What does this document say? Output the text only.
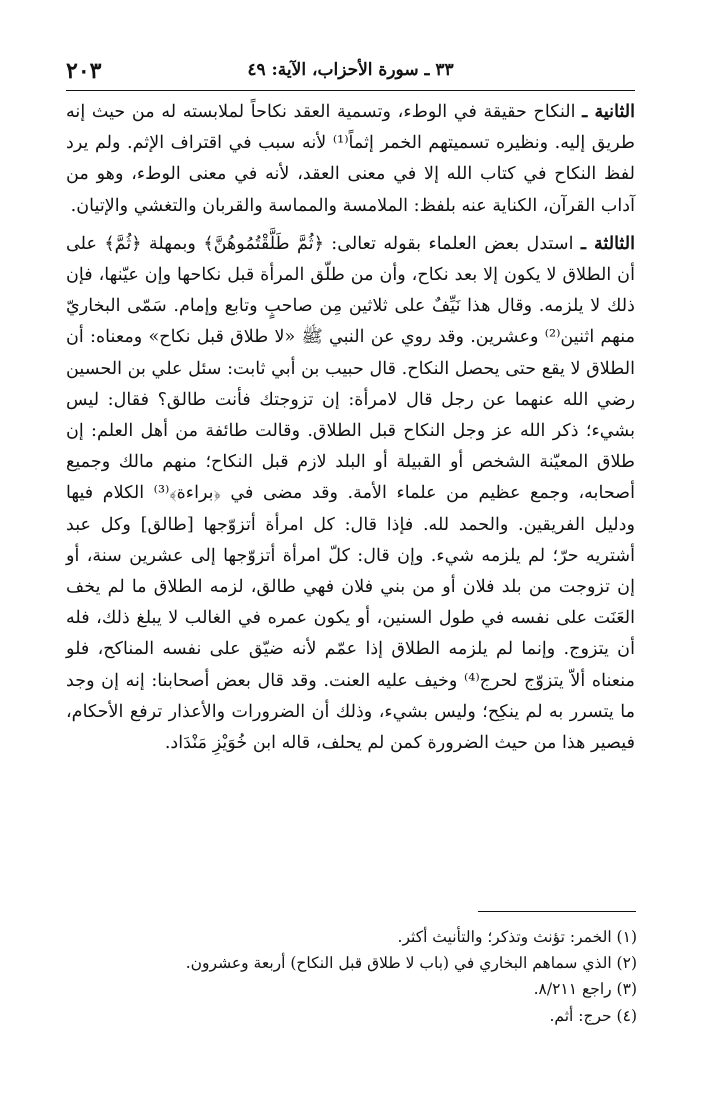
٢٠٣	٣٣ ـ سورة الأحزاب، الآية: ٤٩

الثانية ـ النكاح حقيقة في الوطء، وتسمية العقد نكاحاً لملابسته له من حيث إنه طريق إليه. ونظيره تسميتهم الخمر إثماً⁽¹⁾ لأنه سبب في اقتراف الإثم. ولم يرد لفظ النكاح في كتاب الله إلا في معنى العقد، لأنه في معنى الوطء، وهو من آداب القرآن، الكناية عنه بلفظ: الملامسة والمماسة والقربان والتغشي والإتيان.

الثالثة ـ استدل بعض العلماء بقوله تعالى: ﴿ثُمَّ طَلَّقْتُمُوهُنَّ﴾ وبمهلة ﴿ثُمَّ﴾ على أن الطلاق لا يكون إلا بعد نكاح، وأن من طلّق المرأة قبل نكاحها وإن عيّنها، فإن ذلك لا يلزمه. وقال هذا نَيِّفٌ على ثلاثين مِن صاحبٍ وتابع وإمام. سَمّى البخاريّ منهم اثنين⁽²⁾ وعشرين. وقد روي عن النبي ﷺ «لا طلاق قبل نكاح» ومعناه: أن الطلاق لا يقع حتى يحصل النكاح. قال حبيب بن أبي ثابت: سئل علي بن الحسين رضي الله عنهما عن رجل قال لامرأة: إن تزوجتك فأنت طالق؟ فقال: ليس بشيء؛ ذكر الله عز وجل النكاح قبل الطلاق. وقالت طائفة من أهل العلم: إن طلاق المعيّنة الشخص أو القبيلة أو البلد لازم قبل النكاح؛ منهم مالك وجميع أصحابه، وجمع عظيم من علماء الأمة. وقد مضى في ﴿براءة﴾⁽³⁾ الكلام فيها ودليل الفريقين. والحمد لله. فإذا قال: كل امرأة أتزوّجها [طالق] وكل عبد أشتريه حرّ؛ لم يلزمه شيء. وإن قال: كلّ امرأة أتزوّجها إلى عشرين سنة، أو إن تزوجت من بلد فلان أو من بني فلان فهي طالق، لزمه الطلاق ما لم يخف العَنَت على نفسه في طول السنين، أو يكون عمره في الغالب لا يبلغ ذلك، فله أن يتزوج. وإنما لم يلزمه الطلاق إذا عمّم لأنه ضيّق على نفسه المناكح، فلو منعناه ألاّ يتزوّج لحرج⁽⁴⁾ وخيف عليه العنت. وقد قال بعض أصحابنا: إنه إن وجد ما يتسرر به لم ينكِح؛ وليس بشيء، وذلك أن الضرورات والأعذار ترفع الأحكام، فيصير هذا من حيث الضرورة كمن لم يحلف، قاله ابن خُوَيْزِ مَنْدَاد.

(١) الخمر: تؤنث وتذكر؛ والتأنيث أكثر.
(٢) الذي سماهم البخاري في (باب لا طلاق قبل النكاح) أربعة وعشرون.
(٣) راجع ٨/٢١١.
(٤) حرج: أثم.
